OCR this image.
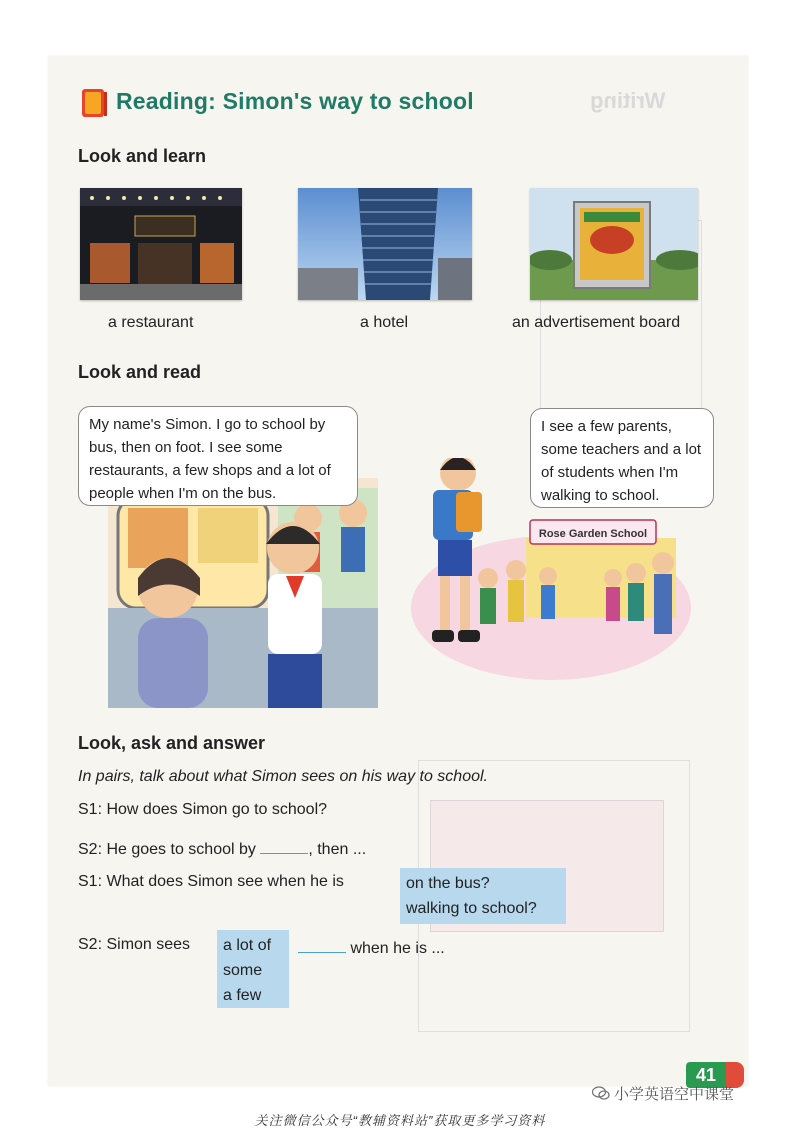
Writing
Reading: Simon's way to school
Look and learn
a restaurant	a hotel	an advertisement board
Look and read
Rose Garden School
My name's Simon. I go to school by bus, then on foot. I see some restaurants, a few shops and a lot of people when I'm on the bus.
I see a few parents, some teachers and a lot of students when I'm walking to school.
Look, ask and answer
In pairs, talk about what Simon sees on his way to school.
S1: How does Simon go to school?
S2: He goes to school by	, then ...
S1: What does Simon see when he is	on the bus?
walking to school?
S2: Simon sees a lot of
some
a few
when he is ...
41
小学英语空中课堂
关注微信公众号“教辅资料站”获取更多学习资料
